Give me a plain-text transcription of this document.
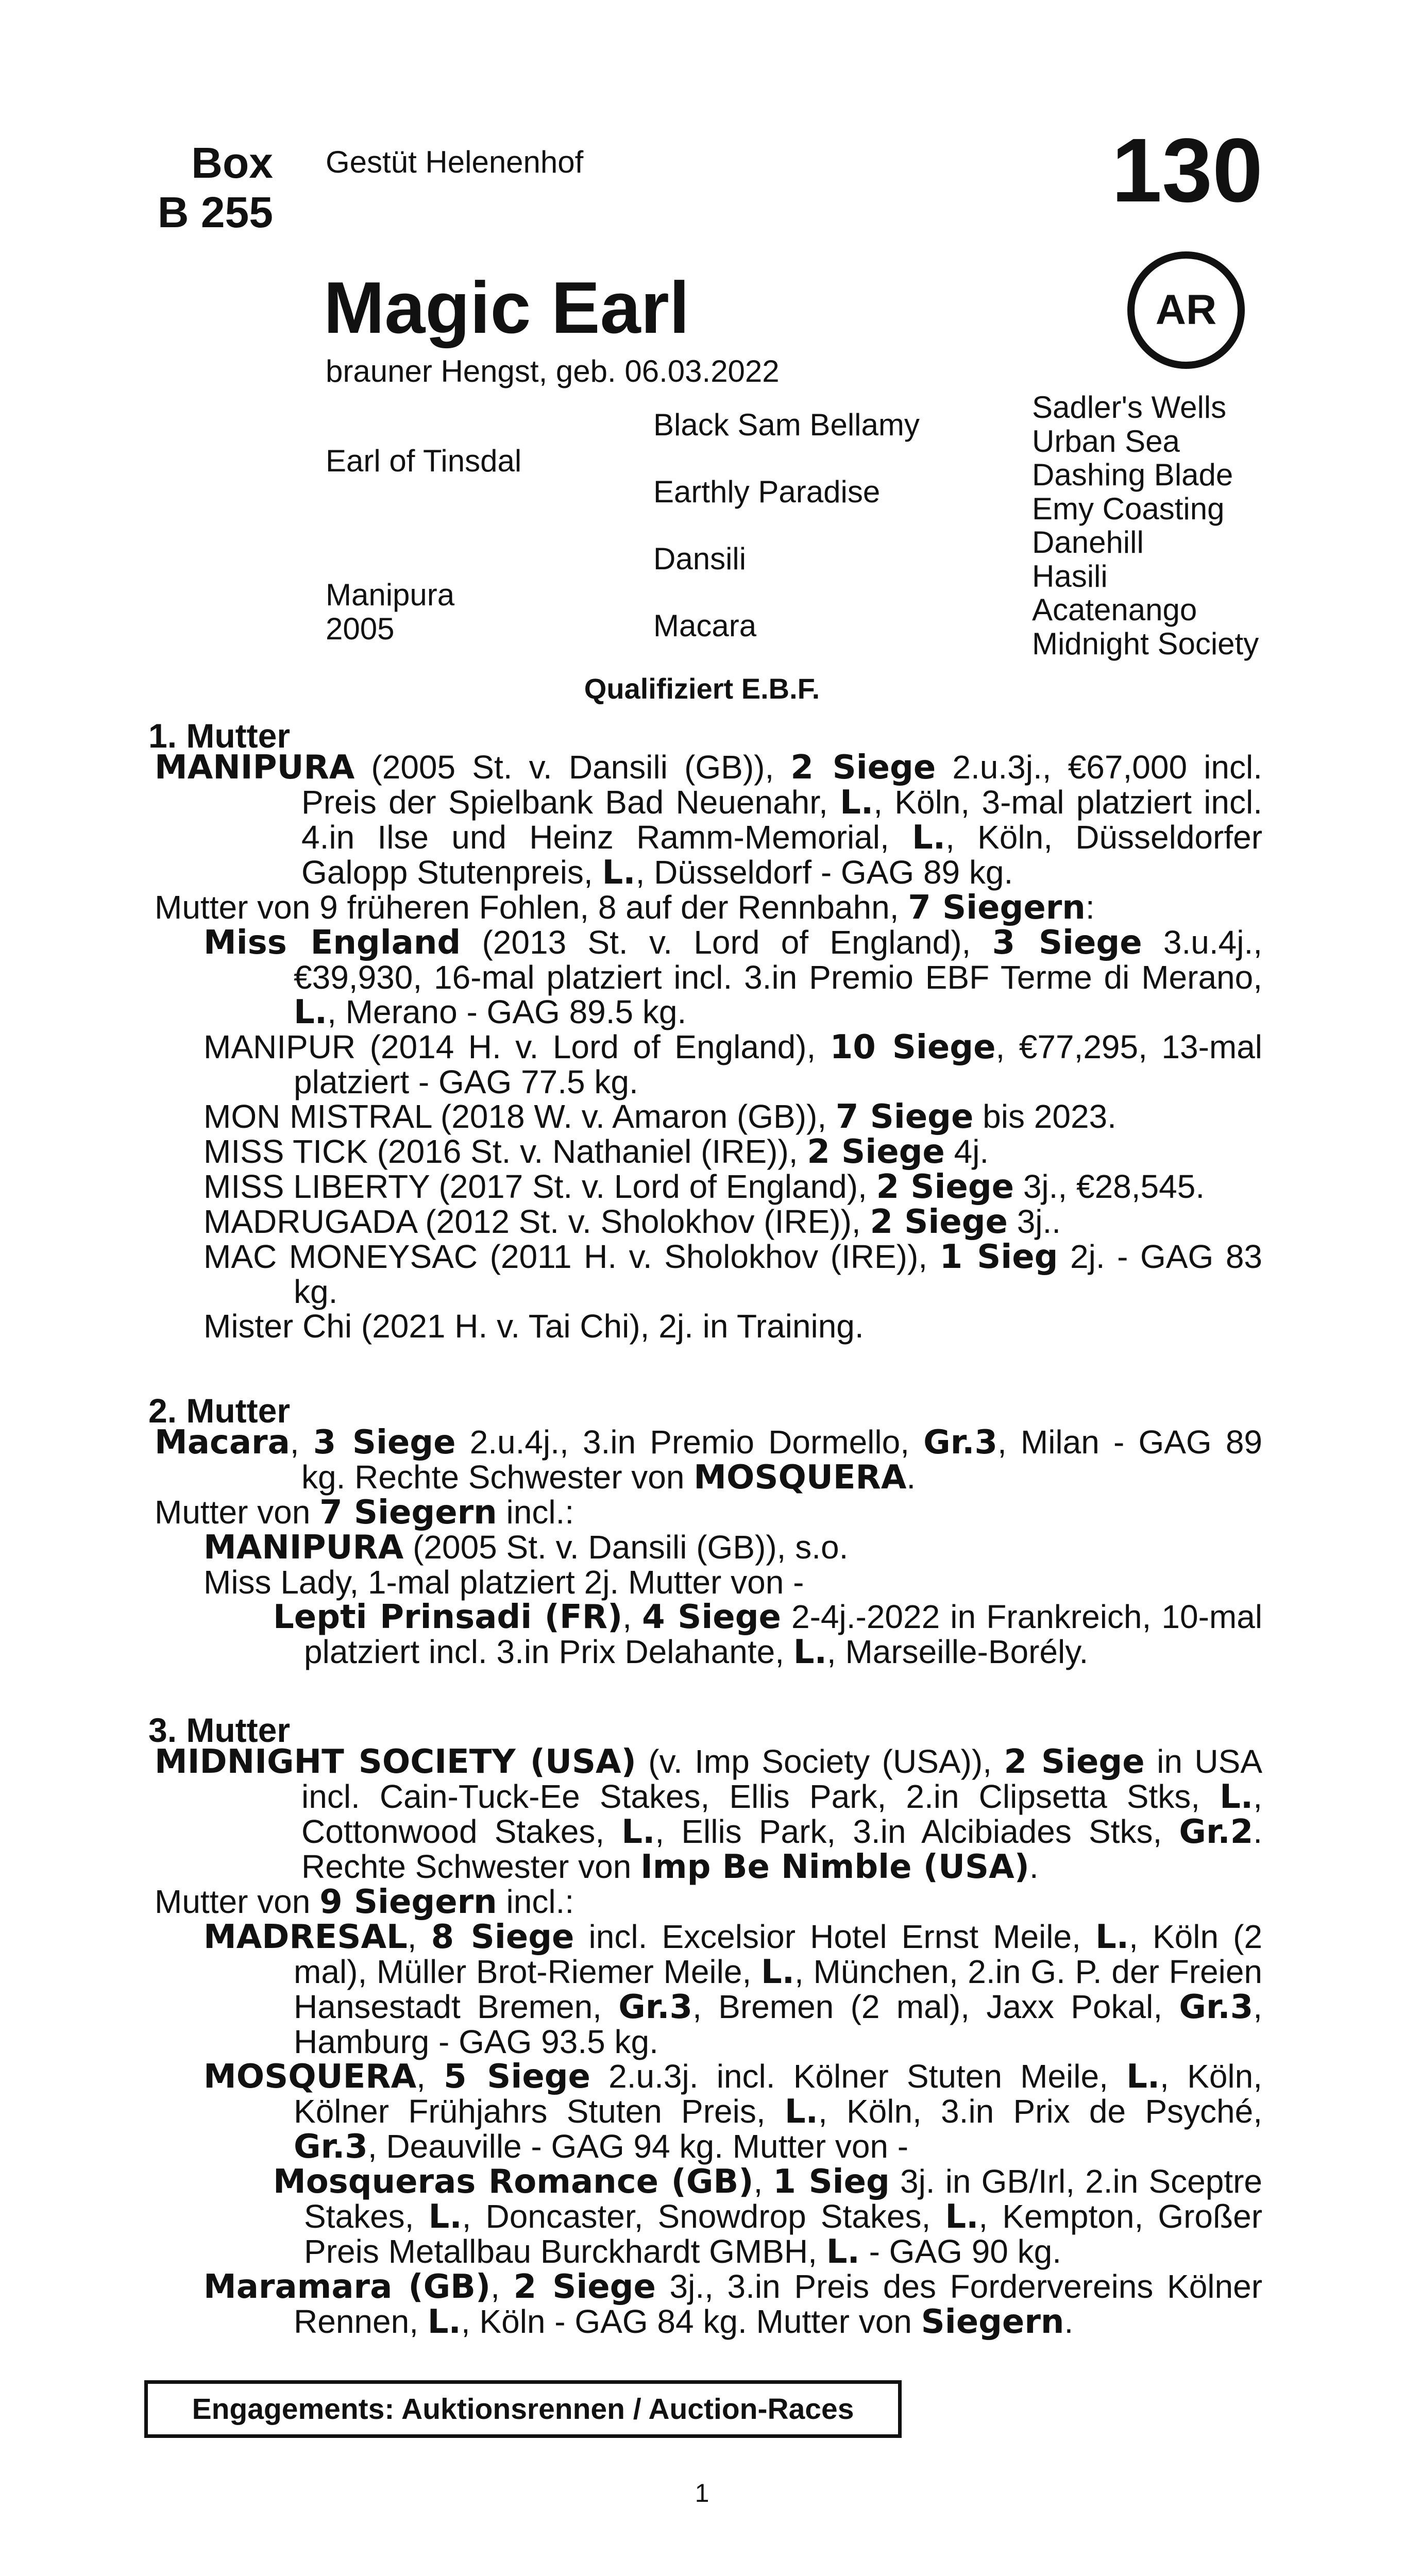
Box
B 255
Gestüt Helenenhof	130
AR
Magic Earl
brauner Hengst, geb. 06.03.2022
Earl of Tinsdal
Manipura
2005
Black Sam Bellamy
Earthly Paradise
Dansili
Macara
Sadler's Wells
Urban Sea
Dashing Blade
Emy Coasting
Danehill
Hasili
Acatenango
Midnight Society
Qualifiziert E.B.F.
1. Mutter

MANIPURA (2005 St. v. Dansili (GB)), 2 Siege 2.u.3j., €67,000 incl. Preis der Spielbank Bad Neuenahr, L., Köln, 3-mal platziert incl. 4.in Ilse und Heinz Ramm-Memorial, L., Köln, Düsseldorfer Galopp Stutenpreis, L., Düsseldorf - GAG 89 kg.

Mutter von 9 früheren Fohlen, 8 auf der Rennbahn, 7 Siegern:

Miss England (2013 St. v. Lord of England), 3 Siege 3.u.4j., €39,930, 16-mal platziert incl. 3.in Premio EBF Terme di Merano, L., Merano - GAG 89.5 kg.

MANIPUR (2014 H. v. Lord of England), 10 Siege, €77,295, 13-mal platziert - GAG 77.5 kg.

MON MISTRAL (2018 W. v. Amaron (GB)), 7 Siege bis 2023.

MISS TICK (2016 St. v. Nathaniel (IRE)), 2 Siege 4j.

MISS LIBERTY (2017 St. v. Lord of England), 2 Siege 3j., €28,545.

MADRUGADA (2012 St. v. Sholokhov (IRE)), 2 Siege 3j..

MAC MONEYSAC (2011 H. v. Sholokhov (IRE)), 1 Sieg 2j. - GAG 83 kg.

Mister Chi (2021 H. v. Tai Chi), 2j. in Training.

2. Mutter

Macara, 3 Siege 2.u.4j., 3.in Premio Dormello, Gr.3, Milan - GAG 89 kg. Rechte Schwester von MOSQUERA.

Mutter von 7 Siegern incl.:

MANIPURA (2005 St. v. Dansili (GB)), s.o.

Miss Lady, 1-mal platziert 2j. Mutter von -

Lepti Prinsadi (FR), 4 Siege 2-4j.-2022 in Frankreich, 10-mal platziert incl. 3.in Prix Delahante, L., Marseille-Borély.

3. Mutter

MIDNIGHT SOCIETY (USA) (v. Imp Society (USA)), 2 Siege in USA incl. Cain-Tuck-Ee Stakes, Ellis Park, 2.in Clipsetta Stks, L., Cottonwood Stakes, L., Ellis Park, 3.in Alcibiades Stks, Gr.2. Rechte Schwester von Imp Be Nimble (USA).

Mutter von 9 Siegern incl.:

MADRESAL, 8 Siege incl. Excelsior Hotel Ernst Meile, L., Köln (2 mal), Müller Brot-Riemer Meile, L., München, 2.in G. P. der Freien Hansestadt Bremen, Gr.3, Bremen (2 mal), Jaxx Pokal, Gr.3, Hamburg - GAG 93.5 kg.

MOSQUERA, 5 Siege 2.u.3j. incl. Kölner Stuten Meile, L., Köln, Kölner Frühjahrs Stuten Preis, L., Köln, 3.in Prix de Psyché, Gr.3, Deauville - GAG 94 kg. Mutter von -

Mosqueras Romance (GB), 1 Sieg 3j. in GB/Irl, 2.in Sceptre Stakes, L., Doncaster, Snowdrop Stakes, L., Kempton, Großer Preis Metallbau Burckhardt GMBH, L. - GAG 90 kg.

Maramara (GB), 2 Siege 3j., 3.in Preis des Fordervereins Kölner Rennen, L., Köln - GAG 84 kg. Mutter von Siegern.

Engagements: Auktionsrennen / Auction-Races
1
